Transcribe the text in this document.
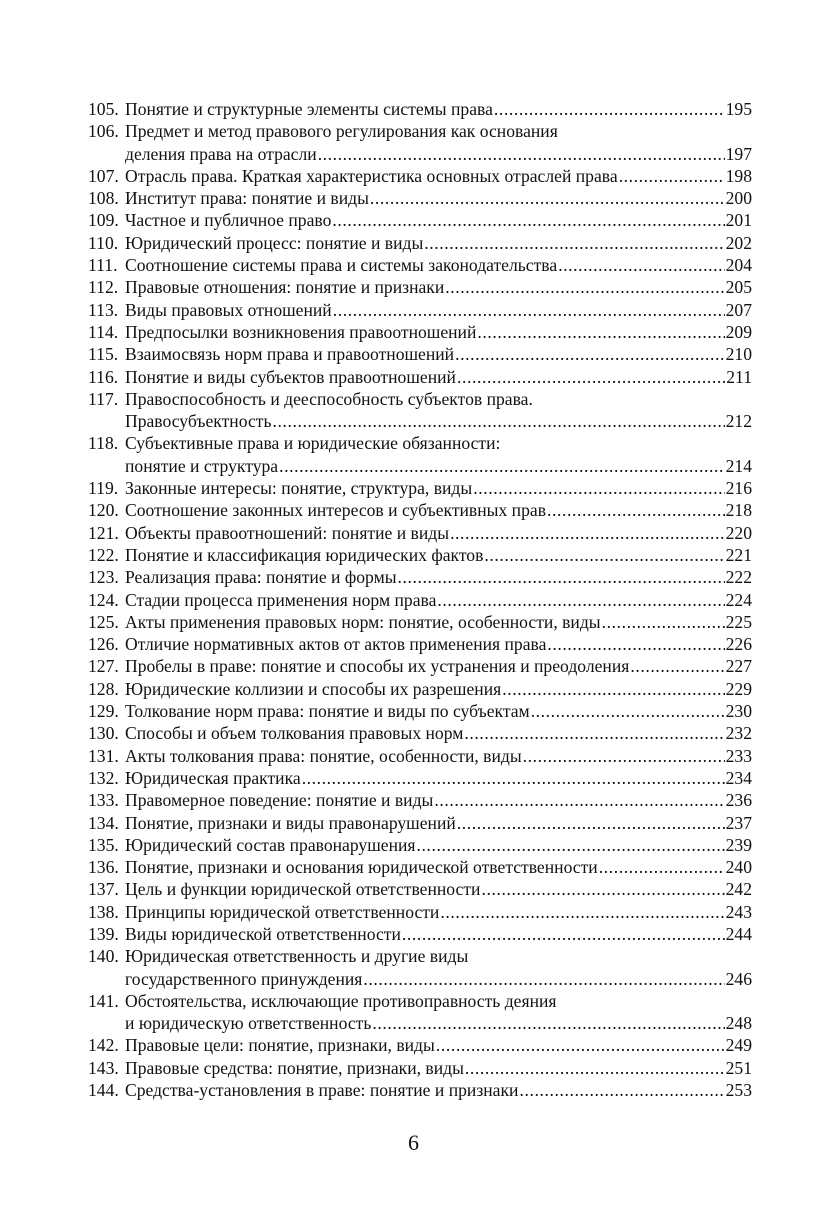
105. Понятие и структурные элементы системы права .....	195
106. Предмет и метод правового регулирования как основания
деления права на отрасли .....	197
107. Отрасль права. Краткая характеристика основных отраслей права .....	198
108. Институт права: понятие и виды .....	200
109. Частное и публичное право .....	201
110. Юридический процесс: понятие и виды .....	202
111. Соотношение системы права и системы законодательства .....	204
112. Правовые отношения: понятие и признаки .....	205
113. Виды правовых отношений .....	207
114. Предпосылки возникновения правоотношений .....	209
115. Взаимосвязь норм права и правоотношений .....	210
116. Понятие и виды субъектов правоотношений .....	211
117. Правоспособность и дееспособность субъектов права.
Правосубъектность .....	212
118. Субъективные права и юридические обязанности:
понятие и структура .....	214
119. Законные интересы: понятие, структура, виды .....	216
120. Соотношение законных интересов и субъективных прав .....	218
121. Объекты правоотношений: понятие и виды .....	220
122. Понятие и классификация юридических фактов .....	221
123. Реализация права: понятие и формы .....	222
124. Стадии процесса применения норм права .....	224
125. Акты применения правовых норм: понятие, особенности, виды .....	225
126. Отличие нормативных актов от актов применения права .....	226
127. Пробелы в праве: понятие и способы их устранения и преодоления .....	227
128. Юридические коллизии и способы их разрешения .....	229
129. Толкование норм права: понятие и виды по субъектам .....	230
130. Способы и объем толкования правовых норм .....	232
131. Акты толкования права: понятие, особенности, виды .....	233
132. Юридическая практика .....	234
133. Правомерное поведение: понятие и виды .....	236
134. Понятие, признаки и виды правонарушений .....	237
135. Юридический состав правонарушения .....	239
136. Понятие, признаки и основания юридической ответственности .....	240
137. Цель и функции юридической ответственности .....	242
138. Принципы юридической ответственности .....	243
139. Виды юридической ответственности .....	244
140. Юридическая ответственность и другие виды
государственного принуждения .....	246
141. Обстоятельства, исключающие противоправность деяния
и юридическую ответственность .....	248
142. Правовые цели: понятие, признаки, виды .....	249
143. Правовые средства: понятие, признаки, виды .....	251
144. Средства-установления в праве: понятие и признаки .....	253
6
